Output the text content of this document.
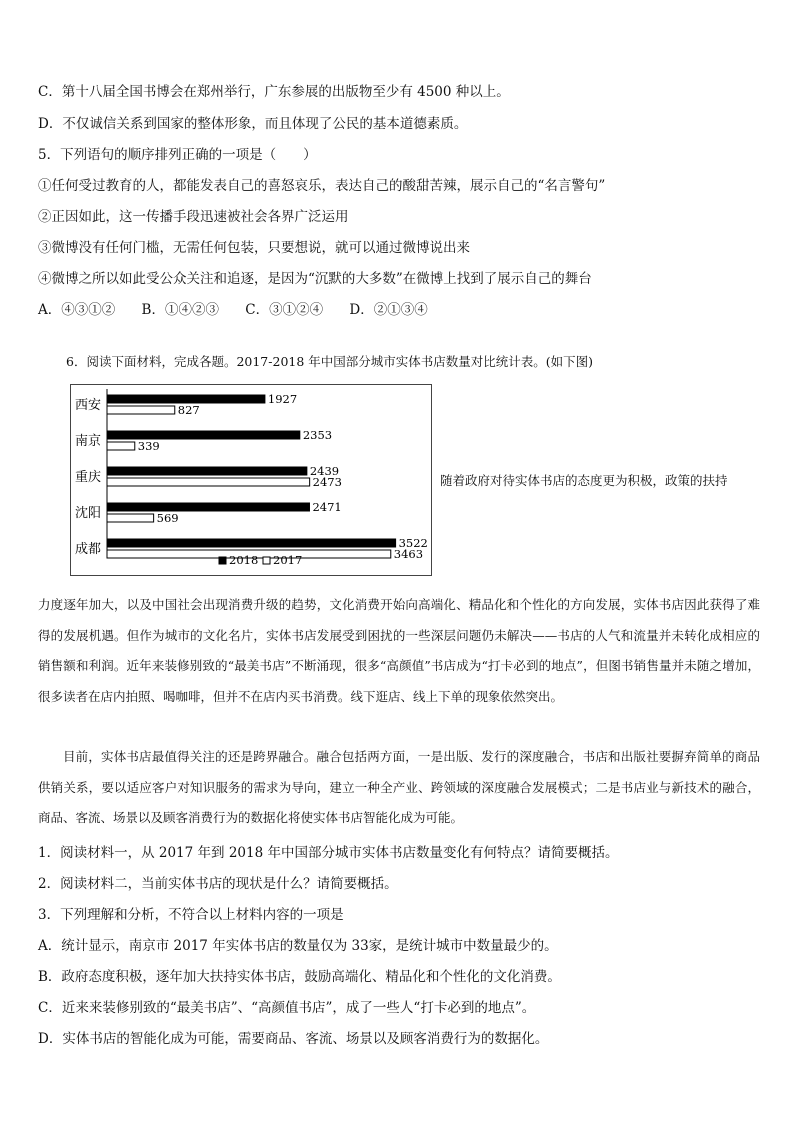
C．第十八届全国书博会在郑州举行，广东参展的出版物至少有 4500 种以上。
D．不仅诚信关系到国家的整体形象，而且体现了公民的基本道德素质。
5．下列语句的顺序排列正确的一项是（　　）
①任何受过教育的人，都能发表自己的喜怒哀乐，表达自己的酸甜苦辣，展示自己的“名言警句”
②正因如此，这一传播手段迅速被社会各界广泛运用
③微博没有任何门槛，无需任何包装，只要想说，就可以通过微博说出来
④微博之所以如此受公众关注和追逐，是因为“沉默的大多数”在微博上找到了展示自己的舞台
A．④③①② B．①④②③ C．③①②④ D．②①③④
6．阅读下面材料，完成各题。2017-2018 年中国部分城市实体书店数量对比统计表。(如下图)
西安	1927
827
南京	2353
339
重庆	2439
2473
沈阳	2471
569
成都	3522
3463
2018 2017
随着政府对待实体书店的态度更为积极，政策的扶持
力度逐年加大，以及中国社会出现消费升级的趋势，文化消费开始向高端化、精品化和个性化的方向发展，实体书店因此获得了难得的发展机遇。但作为城市的文化名片，实体书店发展受到困扰的一些深层问题仍未解决——书店的人气和流量并未转化成相应的销售额和利润。近年来装修别致的“最美书店”不断涌现，很多“高颜值”书店成为“打卡必到的地点”，但图书销售量并未随之增加，很多读者在店内拍照、喝咖啡，但并不在店内买书消费。线下逛店、线上下单的现象依然突出。
目前，实体书店最值得关注的还是跨界融合。融合包括两方面，一是出版、发行的深度融合，书店和出版社要摒弃简单的商品供销关系，要以适应客户对知识服务的需求为导向，建立一种全产业、跨领域的深度融合发展模式；二是书店业与新技术的融合，商品、客流、场景以及顾客消费行为的数据化将使实体书店智能化成为可能。
1．阅读材料一，从 2017 年到 2018 年中国部分城市实体书店数量变化有何特点？请简要概括。
2．阅读材料二，当前实体书店的现状是什么？请简要概括。
3．下列理解和分析，不符合以上材料内容的一项是
A．统计显示，南京市 2017 年实体书店的数量仅为 33家，是统计城市中数量最少的。
B．政府态度积极，逐年加大扶持实体书店，鼓励高端化、精品化和个性化的文化消费。
C．近来来装修别致的“最美书店”、“高颜值书店”，成了一些人“打卡必到的地点”。
D．实体书店的智能化成为可能，需要商品、客流、场景以及顾客消费行为的数据化。
